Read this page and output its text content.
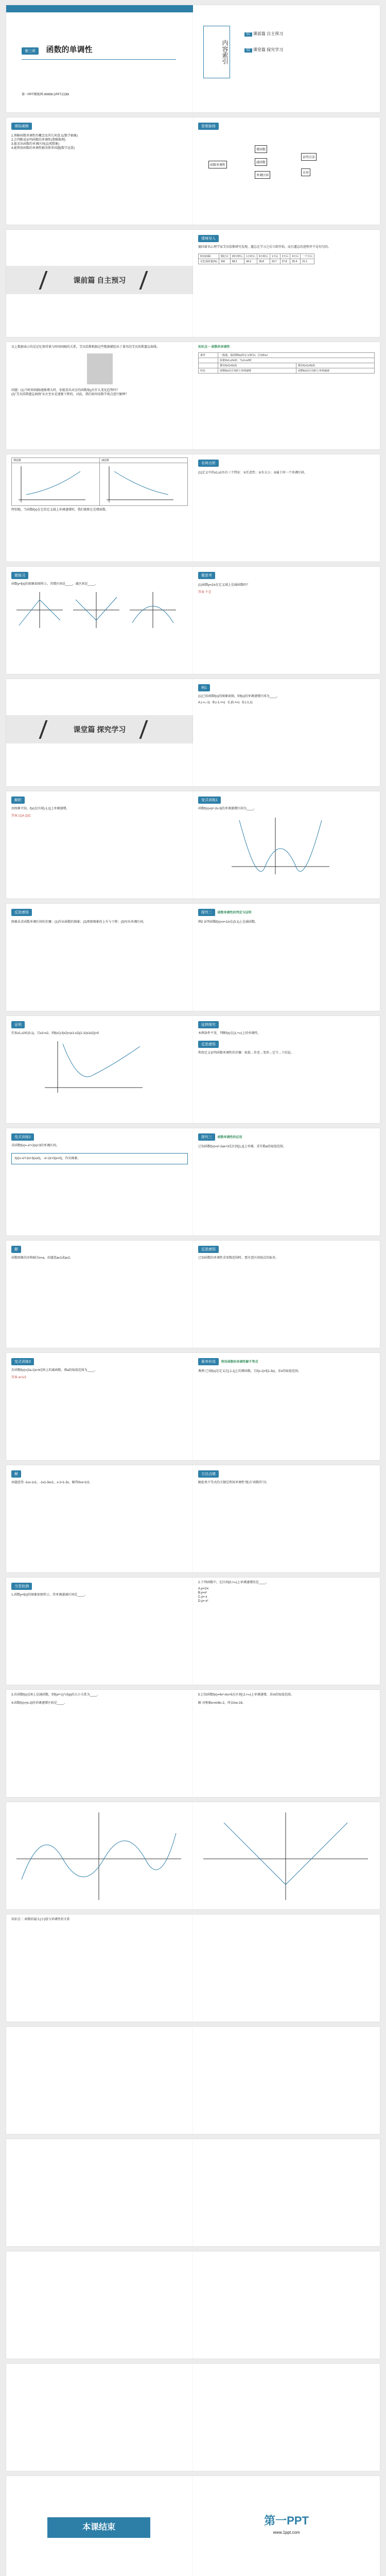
第三章 函数的单调性
第一PPT模板网-WWW.1PPT.COM
内容索引
01 课前篇 自主预习
02 课堂篇 探究学习
课标阐释
1.理解函数单调性的概念及其几何意义(数学抽象)
2.会判断或证明函数的单调性(逻辑推理)
3.能求出函数的单调区间(直观想象)
4.能利用函数的单调性解决简单问题(数学运算)
思维脉络
函数单调性
增函数
减函数
单调区间
证明方法
应用
课前篇 自主预习
情境导入
德国著名心理学家艾宾浩斯研究发现，遗忘在学习之后立即开始，而且遗忘的进程并不是均匀的。
时间间隔	刚记完	20分钟后	1小时后	8小时后	1天后	2天后	6天后	一个月后
记忆保持量(%)	100	58.2	44.2	35.8	33.7	27.8	25.4	21.1
以上数据表示的是记忆保持量与时间间隔的关系，艾宾浩斯根据这些数据描绘出了著名的艾宾浩斯遗忘曲线。
问题：(1)当时间间隔t逐渐增大时，你能看出对应的函数值y有什么变化趋势吗？
(2)"艾宾浩斯遗忘曲线"从左至右是逐渐下降的，对此，我们如何用数学观点进行解释？
知识点一 函数的单调性
条件	一般地，设函数f(x)的定义域为I，区间D⊆I	
	如果∀x1,x2∈D，当x1<x2时	
	都有f(x1)<f(x2)	都有f(x1)>f(x2)
结论	函数f(x)在区间D上单调递增	函数f(x)在区间D上单调递减
增函数	减函数

特别地，当函数f(x)在它的定义域上单调递增时，我们就称它是增函数。
名师点析
(1)定义中的x1,x2具有三个特征：①任意性；②有大小；③属于同一个单调区间。
微练习
函数y=f(x)的图象如图所示，其增区间是____，减区间是____。
微思考
(1)函数y=1/x在定义域上是减函数吗？
答案 不是
课堂篇 探究学习
例1
(1)已知函数f(x)的图象如图，则f(x)的单调递增区间为____。
A.(-∞,-1) B.(-1,+∞) C.(0,+∞) D.(-1,1)
解析
由图象可知，f(x)在区间[-1,1]上单调递增。
答案 (1)A (2)C
变式训练1
函数f(x)=|x²-2x-3|的单调递增区间为____。
反思感悟
图象法求函数单调区间的步骤：(1)作出函数的图象；(2)观察图象的上升与下降；(3)写出单调区间。
探究二 函数单调性的判定与证明
例2 证明函数f(x)=x+1/x在(0,1)上是减函数。
证明
任取x1,x2∈(0,1)，且x1<x2，则f(x1)-f(x2)=(x1-x2)(1-1/(x1x2))>0
延伸探究
本例条件不变，判断f(x)在(1,+∞)上的单调性。
反思感悟
利用定义证明函数单调性的步骤：取值→作差→变形→定号→下结论。
变式训练2
求函数f(x)=-x²+2|x|+3的单调区间。
f(x)=-x²+2x+3(x≥0)，-x²-2x+3(x<0)，作出图象。
探究三 函数单调性的应用
已知函数f(x)=x²-2ax+3在区间[1,2]上单调，求实数a的取值范围。
解
函数图象的对称轴为x=a，由题意a≤1或a≥2。
反思感悟
已知函数的单调性求参数范围时，要注意区间端点的取舍。
变式训练3
若函数f(x)=(2a-1)x+b是R上的减函数，则a的取值范围为____。
答案 a<1/2
素养形成 利用函数的单调性解不等式
典例 已知f(x)是定义在[-1,1]上的增函数，且f(x-1)<f(1-3x)，求x的取值范围。
解
由题意得 -1≤x-1≤1，-1≤1-3x≤1，x-1<1-3x，解得0≤x<1/2。
方法点睛
解此类不等式的关键是利用单调性"脱去"函数符号f。
当堂检测
1.函数y=f(x)的图象如图所示，其单调递减区间是____。
2.下列函数中，在区间(0,+∞)上单调递增的是____。
A.y=1/x
B.y=x²
C.y=-x
D.y=-x²
3.若函数f(x)在R上是减函数，则f(a²+1)与f(a)的大小关系为____。
4.函数f(x)=|x-2|的单调递增区间是____。
5.已知函数f(x)=4x²-mx+5在区间[-2,+∞)上单调递增，求m的取值范围。
解 对称轴x=m/8≤-2，所以m≤-16。
知识点二 函数的最大(小)值与单调性的关系
本课结束
第一PPT
www.1ppt.com
